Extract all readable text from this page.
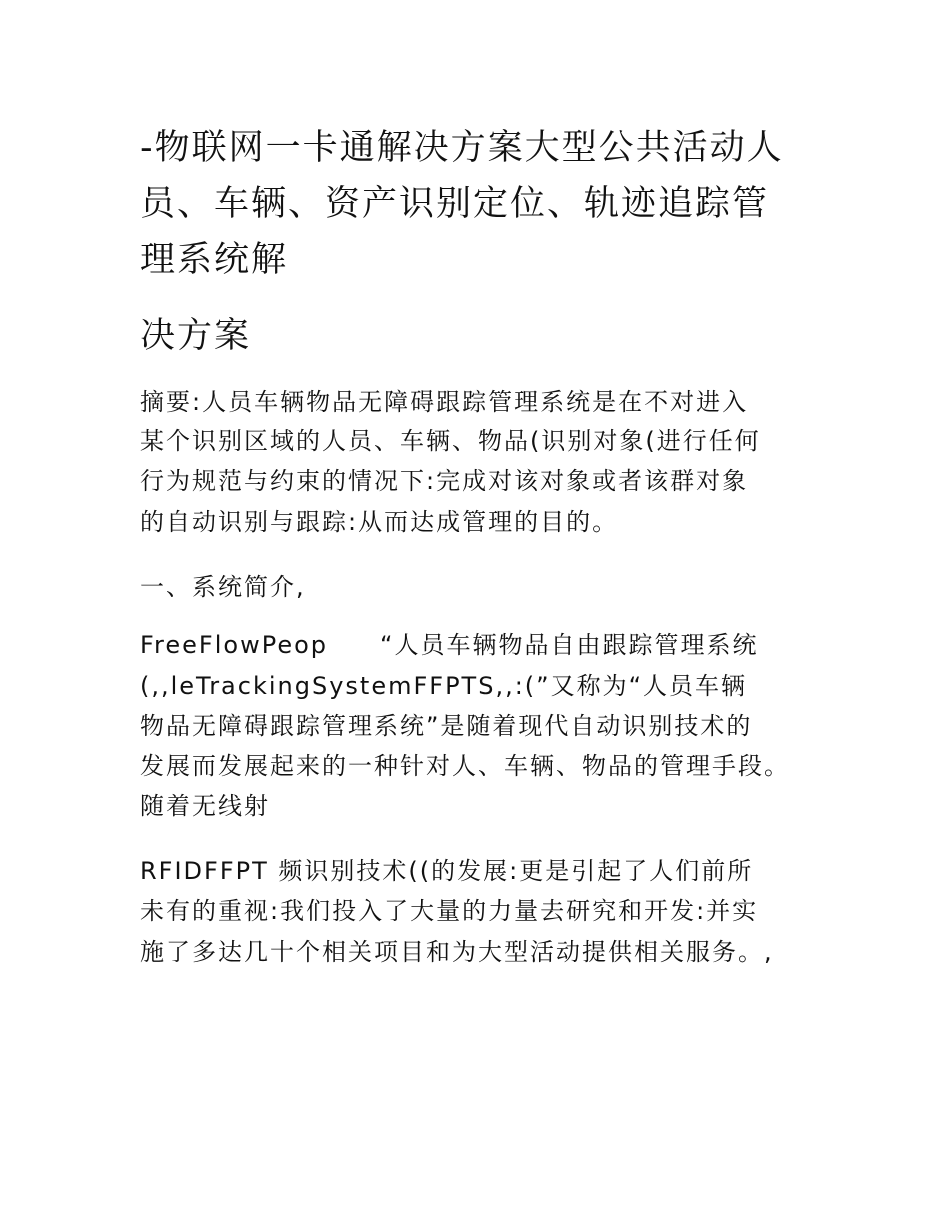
-物联网一卡通解决方案大型公共活动人
员、车辆、资产识别定位、轨迹追踪管
理系统解
决方案
摘要:人员车辆物品无障碍跟踪管理系统是在不对进入
某个识别区域的人员、车辆、物品(识别对象(进行任何
行为规范与约束的情况下:完成对该对象或者该群对象
的自动识别与跟踪:从而达成管理的目的。
一、系统简介,
FreeFlowPeop “人员车辆物品自由跟踪管理系统
(,,leTrackingSystemFFPTS,,:(”又称为“人员车辆
物品无障碍跟踪管理系统”是随着现代自动识别技术的
发展而发展起来的一种针对人、车辆、物品的管理手段。
随着无线射
RFIDFFPT 频识别技术((的发展:更是引起了人们前所
未有的重视:我们投入了大量的力量去研究和开发:并实
施了多达几十个相关项目和为大型活动提供相关服务。,
